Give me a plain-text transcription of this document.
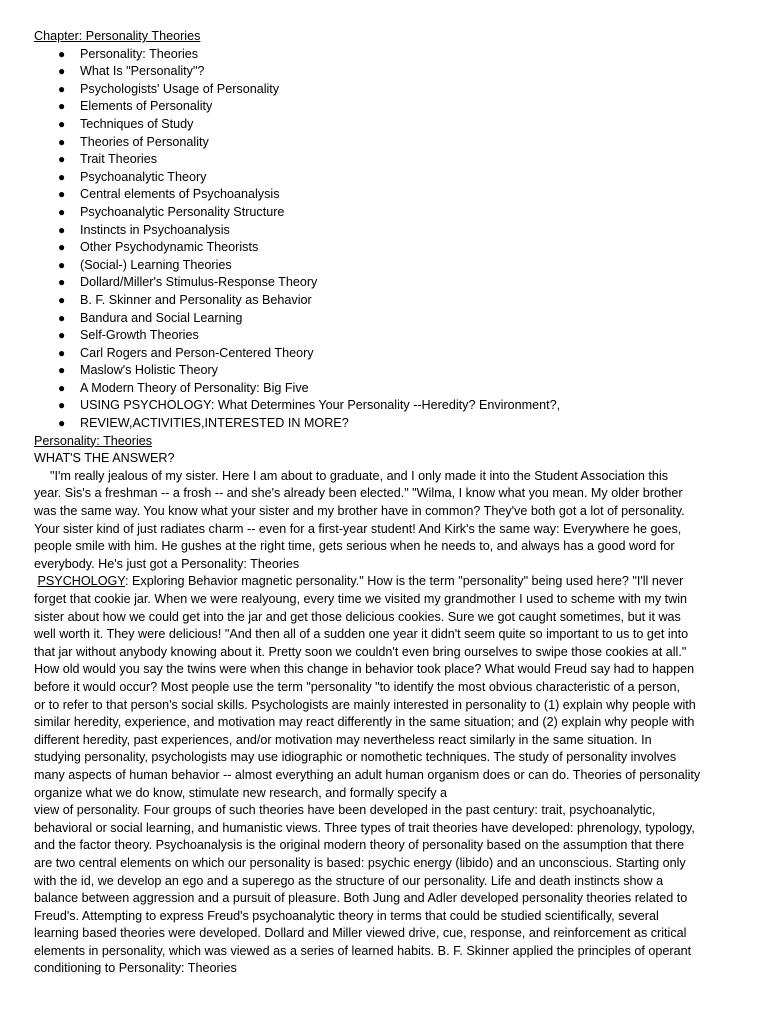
Chapter: Personality Theories
● Personality: Theories
● What Is "Personality"?
● Psychologists' Usage of Personality
● Elements of Personality
● Techniques of Study
● Theories of Personality
● Trait Theories
● Psychoanalytic Theory
● Central elements of Psychoanalysis
● Psychoanalytic Personality Structure
● Instincts in Psychoanalysis
● Other Psychodynamic Theorists
● (Social-) Learning Theories
● Dollard/Miller's Stimulus-Response Theory
● B. F. Skinner and Personality as Behavior
● Bandura and Social Learning
● Self-Growth Theories
● Carl Rogers and Person-Centered Theory
● Maslow's Holistic Theory
● A Modern Theory of Personality: Big Five
● USING PSYCHOLOGY: What Determines Your Personality --Heredity? Environment?,
● REVIEW,ACTIVITIES,INTERESTED IN MORE?
Personality: Theories
WHAT'S THE ANSWER?
"I'm really jealous of my sister. Here I am about to graduate, and I only made it into the Student Association this
year. Sis's a freshman -- a frosh -- and she's already been elected." "Wilma, I know what you mean. My older brother
was the same way. You know what your sister and my brother have in common? They've both got a lot of personality.
Your sister kind of just radiates charm -- even for a first-year student! And Kirk's the same way: Everywhere he goes,
people smile with him. He gushes at the right time, gets serious when he needs to, and always has a good word for
everybody. He's just got a Personality: Theories
PSYCHOLOGY: Exploring Behavior magnetic personality." How is the term "personality" being used here? "I'll never
forget that cookie jar. When we were realyoung, every time we visited my grandmother I used to scheme with my twin
sister about how we could get into the jar and get those delicious cookies. Sure we got caught sometimes, but it was
well worth it. They were delicious! "And then all of a sudden one year it didn't seem quite so important to us to get into
that jar without anybody knowing about it. Pretty soon we couldn't even bring ourselves to swipe those cookies at all."
How old would you say the twins were when this change in behavior took place? What would Freud say had to happen
before it would occur? Most people use the term "personality "to identify the most obvious characteristic of a person,
or to refer to that person's social skills. Psychologists are mainly interested in personality to (1) explain why people with
similar heredity, experience, and motivation may react differently in the same situation; and (2) explain why people with
different heredity, past experiences, and/or motivation may nevertheless react similarly in the same situation. In
studying personality, psychologists may use idiographic or nomothetic techniques. The study of personality involves
many aspects of human behavior -- almost everything an adult human organism does or can do. Theories of personality
organize what we do know, stimulate new research, and formally specify a
view of personality. Four groups of such theories have been developed in the past century: trait, psychoanalytic,
behavioral or social learning, and humanistic views. Three types of trait theories have developed: phrenology, typology,
and the factor theory. Psychoanalysis is the original modern theory of personality based on the assumption that there
are two central elements on which our personality is based: psychic energy (libido) and an unconscious. Starting only
with the id, we develop an ego and a superego as the structure of our personality. Life and death instincts show a
balance between aggression and a pursuit of pleasure. Both Jung and Adler developed personality theories related to
Freud's. Attempting to express Freud's psychoanalytic theory in terms that could be studied scientifically, several
learning based theories were developed. Dollard and Miller viewed drive, cue, response, and reinforcement as critical
elements in personality, which was viewed as a series of learned habits. B. F. Skinner applied the principles of operant
conditioning to Personality: Theories
